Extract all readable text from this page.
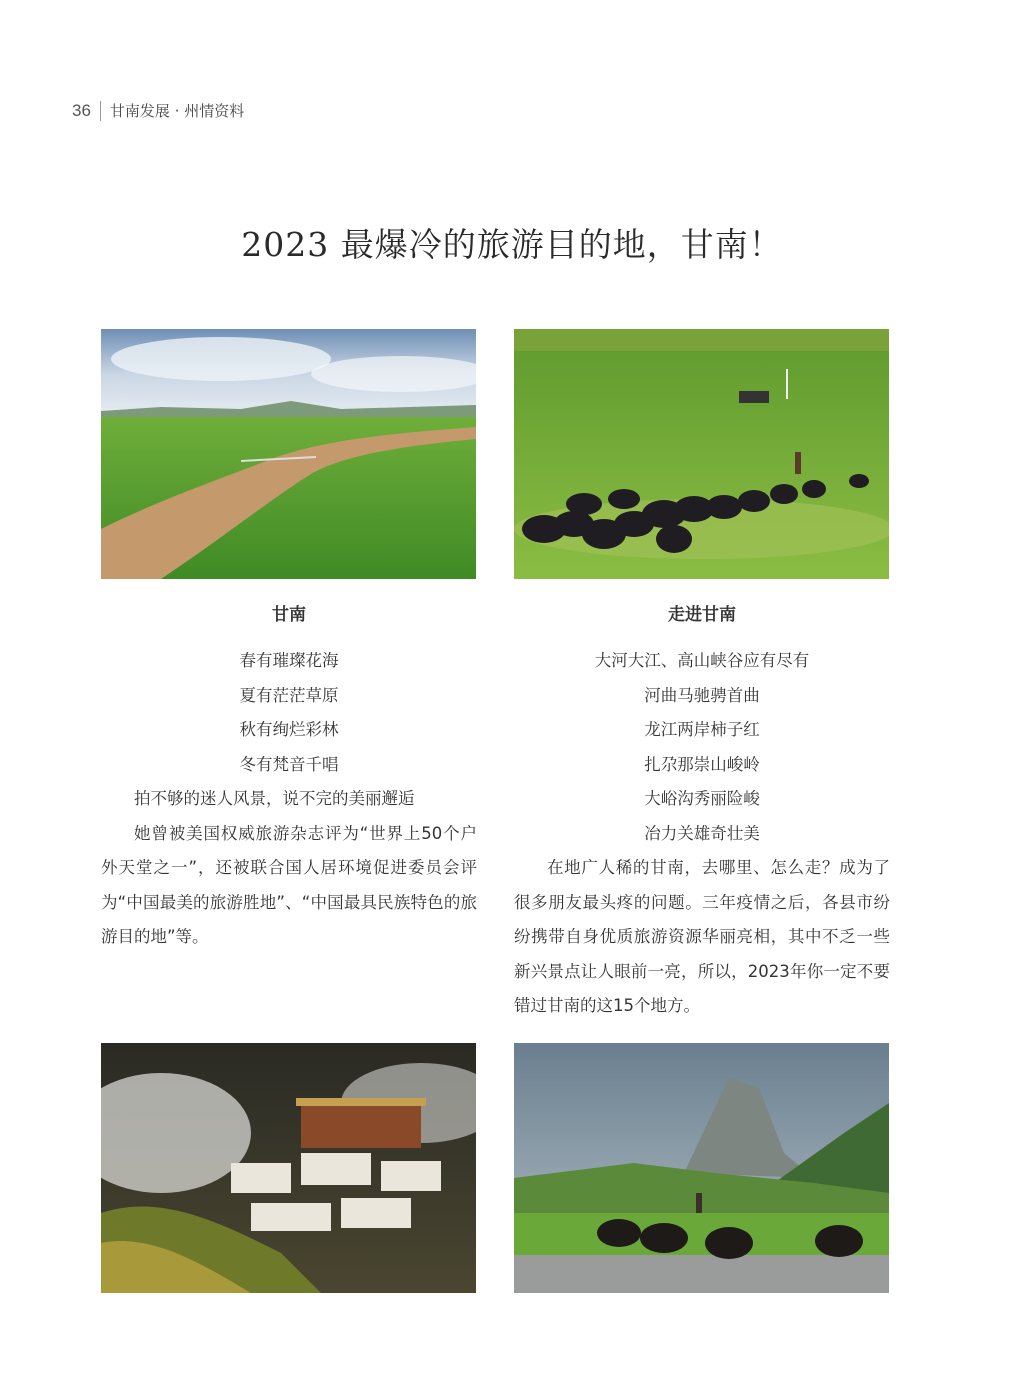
36 甘南发展 · 州情资料
2023 最爆冷的旅游目的地，甘南！
甘南
春有璀璨花海
夏有茫茫草原
秋有绚烂彩林
冬有梵音千唱

拍不够的迷人风景，说不完的美丽邂逅

她曾被美国权威旅游杂志评为“世界上50个户外天堂之一”，还被联合国人居环境促进委员会评为“中国最美的旅游胜地”、“中国最具民族特色的旅游目的地”等。

走进甘南
大河大江、高山峡谷应有尽有
河曲马驰骋首曲
龙江两岸柿子红
扎尕那崇山峻岭
大峪沟秀丽险峻
冶力关雄奇壮美

在地广人稀的甘南，去哪里、怎么走？成为了很多朋友最头疼的问题。三年疫情之后，各县市纷纷携带自身优质旅游资源华丽亮相，其中不乏一些新兴景点让人眼前一亮，所以，2023年你一定不要错过甘南的这15个地方。
